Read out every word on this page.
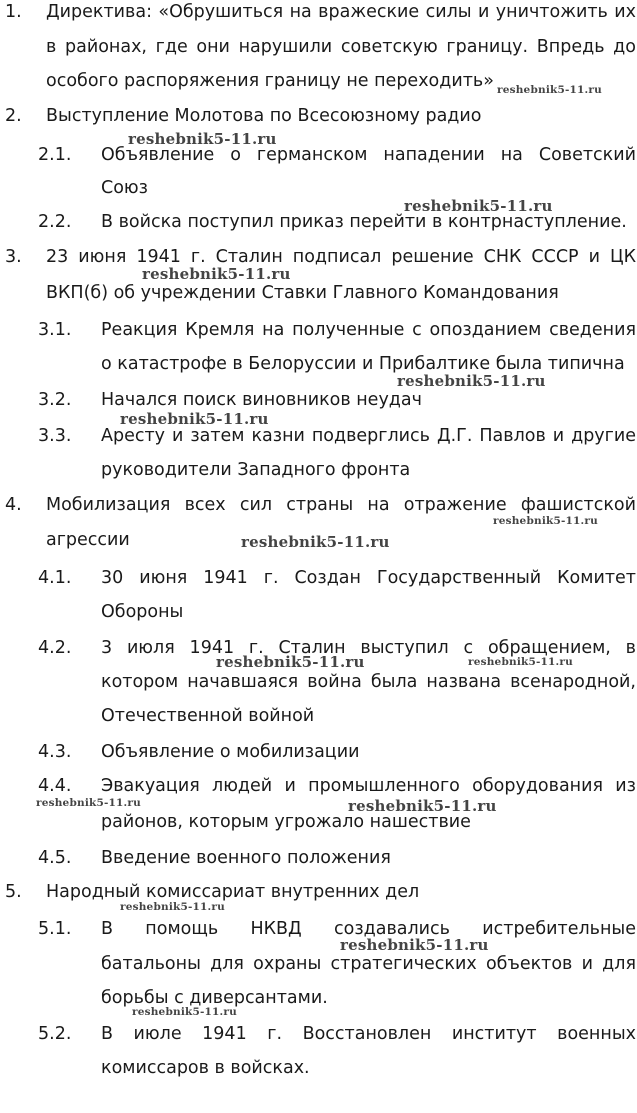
1. Директива: «Обрушиться на вражеские силы и уничтожить их
в районах, где они нарушили советскую границу. Впредь до
особого распоряжения границу не переходить»
2. Выступление Молотова по Всесоюзному радио
2.1. Объявление о германском нападении на Советский
Союз
2.2. В войска поступил приказ перейти в контрнаступление.
3. 23 июня 1941 г. Сталин подписал решение СНК СССР и ЦК
ВКП(б) об учреждении Ставки Главного Командования
3.1. Реакция Кремля на полученные с опозданием сведения
о катастрофе в Белоруссии и Прибалтике была типична
3.2. Начался поиск виновников неудач
3.3. Аресту и затем казни подверглись Д.Г. Павлов и другие
руководители Западного фронта
4. Мобилизация всех сил страны на отражение фашистской
агрессии
4.1. 30 июня 1941 г. Создан Государственный Комитет
Обороны
4.2. 3 июля 1941 г. Сталин выступил с обращением, в
котором начавшаяся война была названа всенародной,
Отечественной войной
4.3. Объявление о мобилизации
4.4. Эвакуация людей и промышленного оборудования из
районов, которым угрожало нашествие
4.5. Введение военного положения
5. Народный комиссариат внутренних дел
5.1. В помощь НКВД создавались истребительные
батальоны для охраны стратегических объектов и для
борьбы с диверсантами.
5.2. В июле 1941 г. Восстановлен институт военных
комиссаров в войсках.
reshebnik5-11.ru
reshebnik5-11.ru
reshebnik5-11.ru
reshebnik5-11.ru
reshebnik5-11.ru
reshebnik5-11.ru
reshebnik5-11.ru
reshebnik5-11.ru
reshebnik5-11.ru	reshebnik5-11.ru
reshebnik5-11.ru	reshebnik5-11.ru
reshebnik5-11.ru
reshebnik5-11.ru
reshebnik5-11.ru
